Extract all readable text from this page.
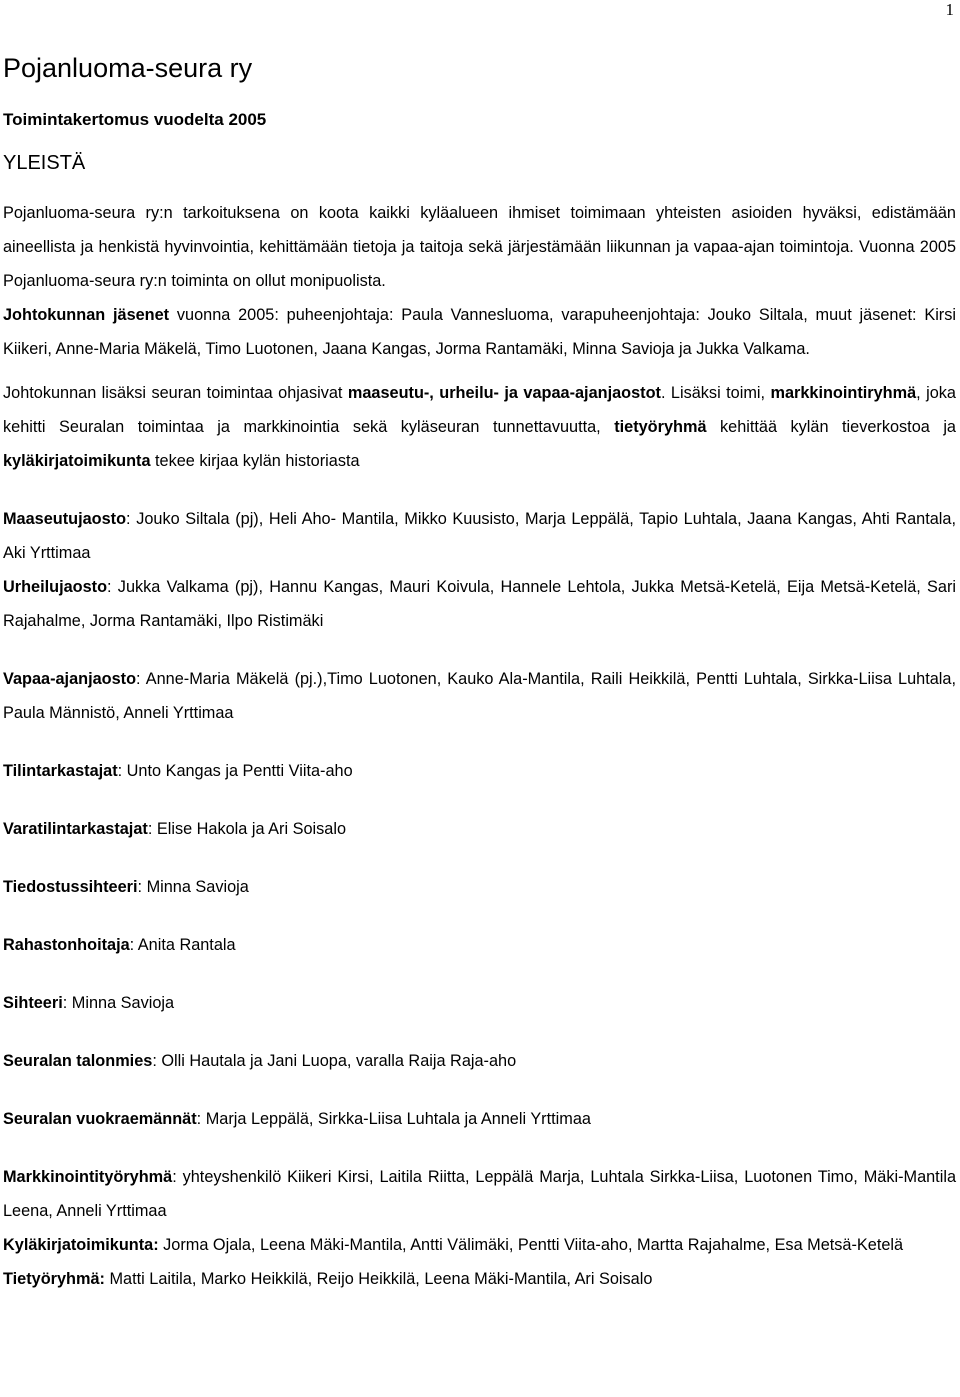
1
Pojanluoma-seura ry
Toimintakertomus vuodelta 2005
YLEISTÄ

Pojanluoma-seura ry:n tarkoituksena on koota kaikki kyläalueen ihmiset toimimaan yhteisten asioiden hyväksi, edistämään aineellista ja henkistä hyvinvointia, kehittämään tietoja ja taitoja sekä järjestämään liikunnan ja vapaa-ajan toimintoja. Vuonna 2005 Pojanluoma-seura ry:n toiminta on ollut monipuolista.

Johtokunnan jäsenet vuonna 2005: puheenjohtaja: Paula Vannesluoma, varapuheenjohtaja: Jouko Siltala, muut jäsenet: Kirsi Kiikeri, Anne-Maria Mäkelä, Timo Luotonen, Jaana Kangas, Jorma Rantamäki, Minna Savioja ja Jukka Valkama.

Johtokunnan lisäksi seuran toimintaa ohjasivat maaseutu-, urheilu- ja vapaa-ajanjaostot. Lisäksi toimi, markkinointiryhmä, joka kehitti Seuralan toimintaa ja markkinointia sekä kyläseuran tunnettavuutta, tietyöryhmä kehittää kylän tieverkostoa ja kyläkirjatoimikunta tekee kirjaa kylän historiasta

Maaseutujaosto: Jouko Siltala (pj), Heli Aho- Mantila, Mikko Kuusisto, Marja Leppälä, Tapio Luhtala, Jaana Kangas, Ahti Rantala, Aki Yrttimaa

Urheilujaosto: Jukka Valkama (pj), Hannu Kangas, Mauri Koivula, Hannele Lehtola, Jukka Metsä-Ketelä, Eija Metsä-Ketelä, Sari Rajahalme, Jorma Rantamäki, Ilpo Ristimäki

Vapaa-ajanjaosto: Anne-Maria Mäkelä (pj.),Timo Luotonen, Kauko Ala-Mantila, Raili Heikkilä, Pentti Luhtala, Sirkka-Liisa Luhtala, Paula Männistö, Anneli Yrttimaa

Tilintarkastajat: Unto Kangas ja Pentti Viita-aho

Varatilintarkastajat: Elise Hakola ja Ari Soisalo

Tiedostussihteeri: Minna Savioja

Rahastonhoitaja: Anita Rantala

Sihteeri: Minna Savioja

Seuralan talonmies: Olli Hautala ja Jani Luopa, varalla Raija Raja-aho

Seuralan vuokraemännät: Marja Leppälä, Sirkka-Liisa Luhtala ja Anneli Yrttimaa

Markkinointityöryhmä: yhteyshenkilö Kiikeri Kirsi, Laitila Riitta, Leppälä Marja, Luhtala Sirkka-Liisa, Luotonen Timo, Mäki-Mantila Leena, Anneli Yrttimaa

Kyläkirjatoimikunta: Jorma Ojala, Leena Mäki-Mantila, Antti Välimäki, Pentti Viita-aho, Martta Rajahalme, Esa Metsä-Ketelä

Tietyöryhmä: Matti Laitila, Marko Heikkilä, Reijo Heikkilä, Leena Mäki-Mantila, Ari Soisalo
